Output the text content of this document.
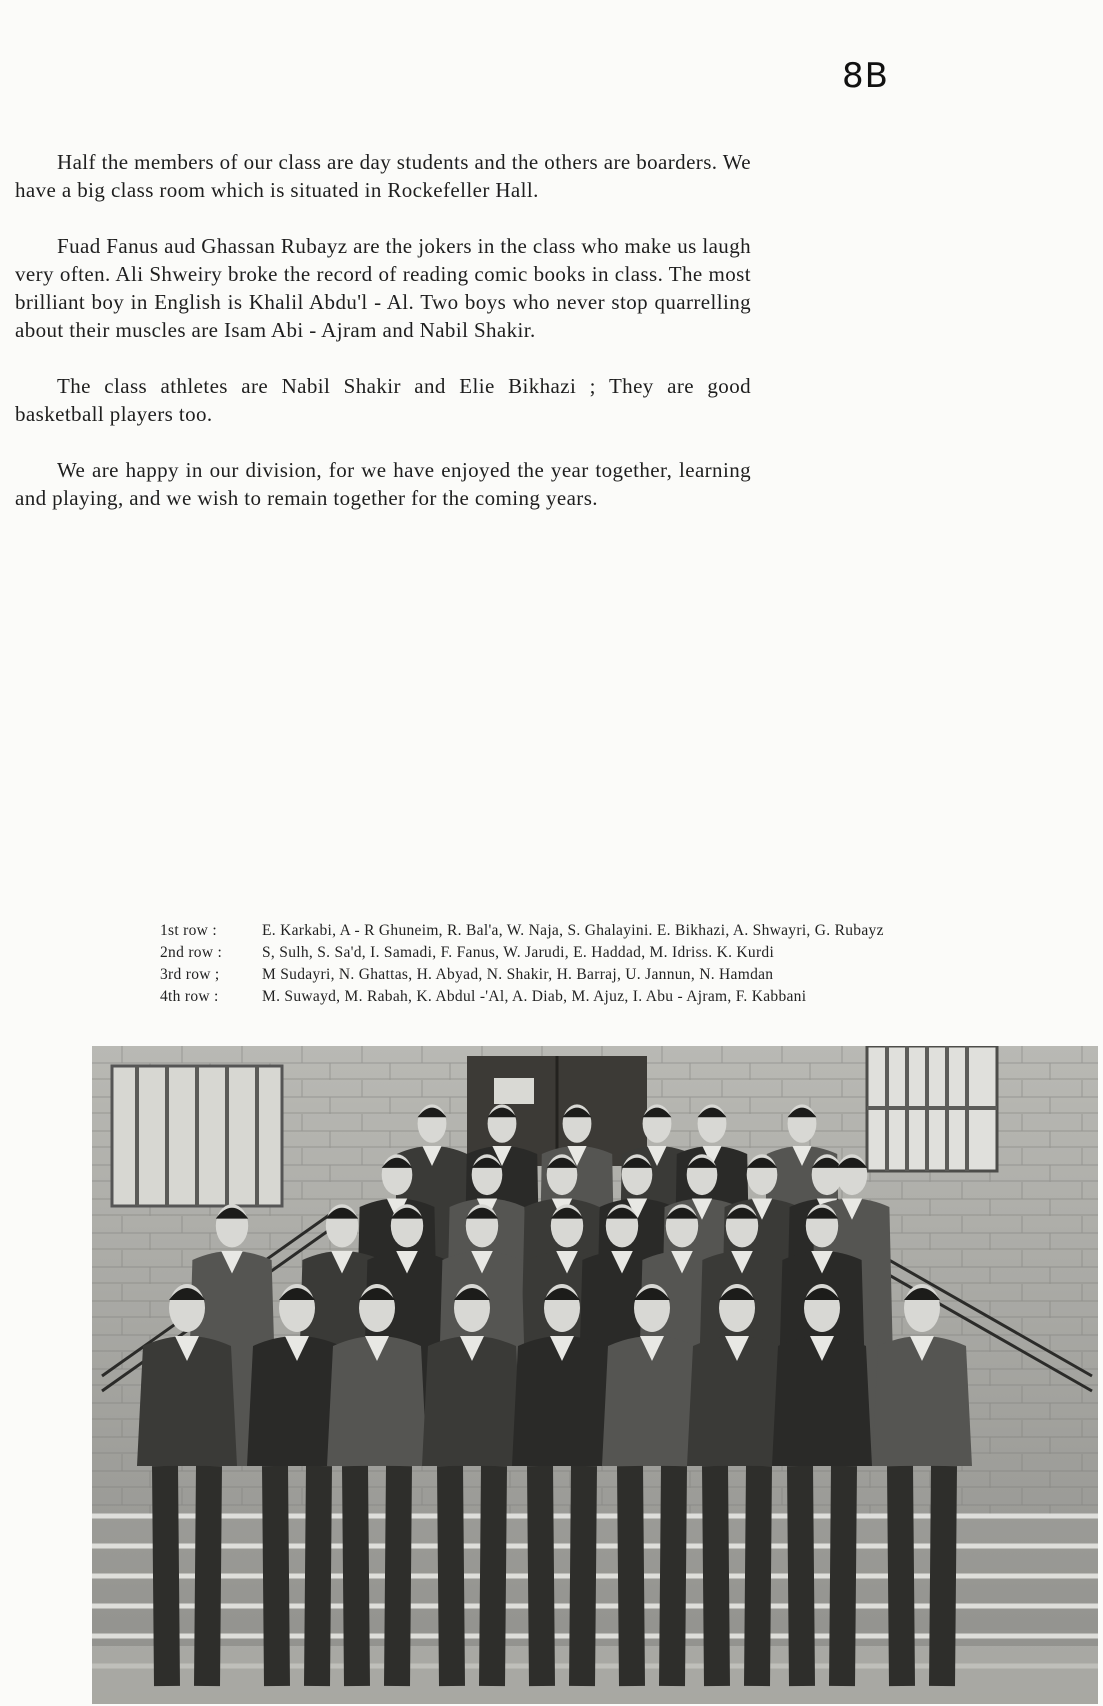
8B

Half the members of our class are day students and the others are boarders. We have a big class room which is situated in Rockefeller Hall.

Fuad Fanus aud Ghassan Rubayz are the jokers in the class who make us laugh very often. Ali Shweiry broke the record of reading comic books in class. The most brilliant boy in English is Khalil Abdu'l - Al. Two boys who never stop quarrelling about their muscles are Isam Abi - Ajram and Nabil Shakir.

The class athletes are Nabil Shakir and Elie Bikhazi ; They are good basketball players too.

We are happy in our division, for we have enjoyed the year together, learning and playing, and we wish to remain together for the coming years.

1st row :	E. Karkabi, A - R Ghuneim, R. Bal'a, W. Naja, S. Ghalayini. E. Bikhazi, A. Shwayri, G. Rubayz
2nd row :	S, Sulh, S. Sa'd, I. Samadi, F. Fanus, W. Jarudi, E. Haddad, M. Idriss. K. Kurdi
3rd row ;	M Sudayri, N. Ghattas, H. Abyad, N. Shakir, H. Barraj, U. Jannun, N. Hamdan
4th row :	M. Suwayd, M. Rabah, K. Abdul -'Al, A. Diab, M. Ajuz, I. Abu - Ajram, F. Kabbani
